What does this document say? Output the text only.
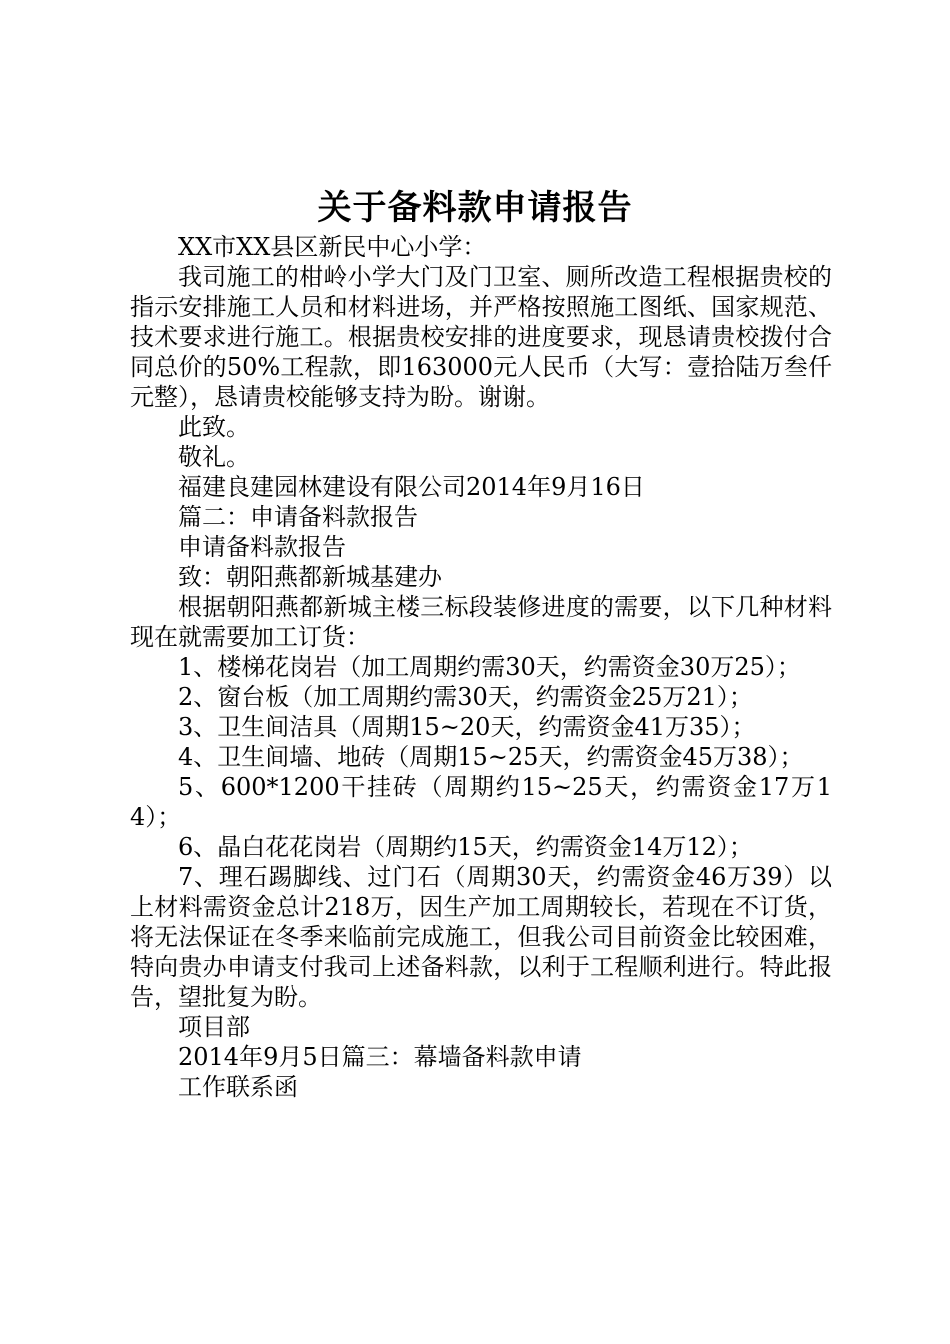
关于备料款申请报告

XX市XX县区新民中心小学：

我司施工的柑岭小学大门及门卫室、厕所改造工程根据贵校的指示安排施工人员和材料进场，并严格按照施工图纸、国家规范、技术要求进行施工。根据贵校安排的进度要求，现恳请贵校拨付合同总价的50%工程款，即163000元人民币（大写：壹拾陆万叁仟元整），恳请贵校能够支持为盼。谢谢。

此致。

敬礼。

福建良建园林建设有限公司2014年9月16日

篇二：申请备料款报告

申请备料款报告

致：朝阳燕都新城基建办

根据朝阳燕都新城主楼三标段装修进度的需要，以下几种材料现在就需要加工订货：

1、楼梯花岗岩（加工周期约需30天，约需资金30万25）；

2、窗台板（加工周期约需30天，约需资金25万21）；

3、卫生间洁具（周期15~20天，约需资金41万35）；

4、卫生间墙、地砖（周期15~25天，约需资金45万38）；

5、600*1200干挂砖（周期约15~25天，约需资金17万14）；

6、晶白花花岗岩（周期约15天，约需资金14万12）；

7、理石踢脚线、过门石（周期30天，约需资金46万39）以上材料需资金总计218万，因生产加工周期较长，若现在不订货，将无法保证在冬季来临前完成施工，但我公司目前资金比较困难，特向贵办申请支付我司上述备料款，以利于工程顺利进行。特此报告，望批复为盼。

项目部

2014年9月5日篇三：幕墙备料款申请

工作联系函
